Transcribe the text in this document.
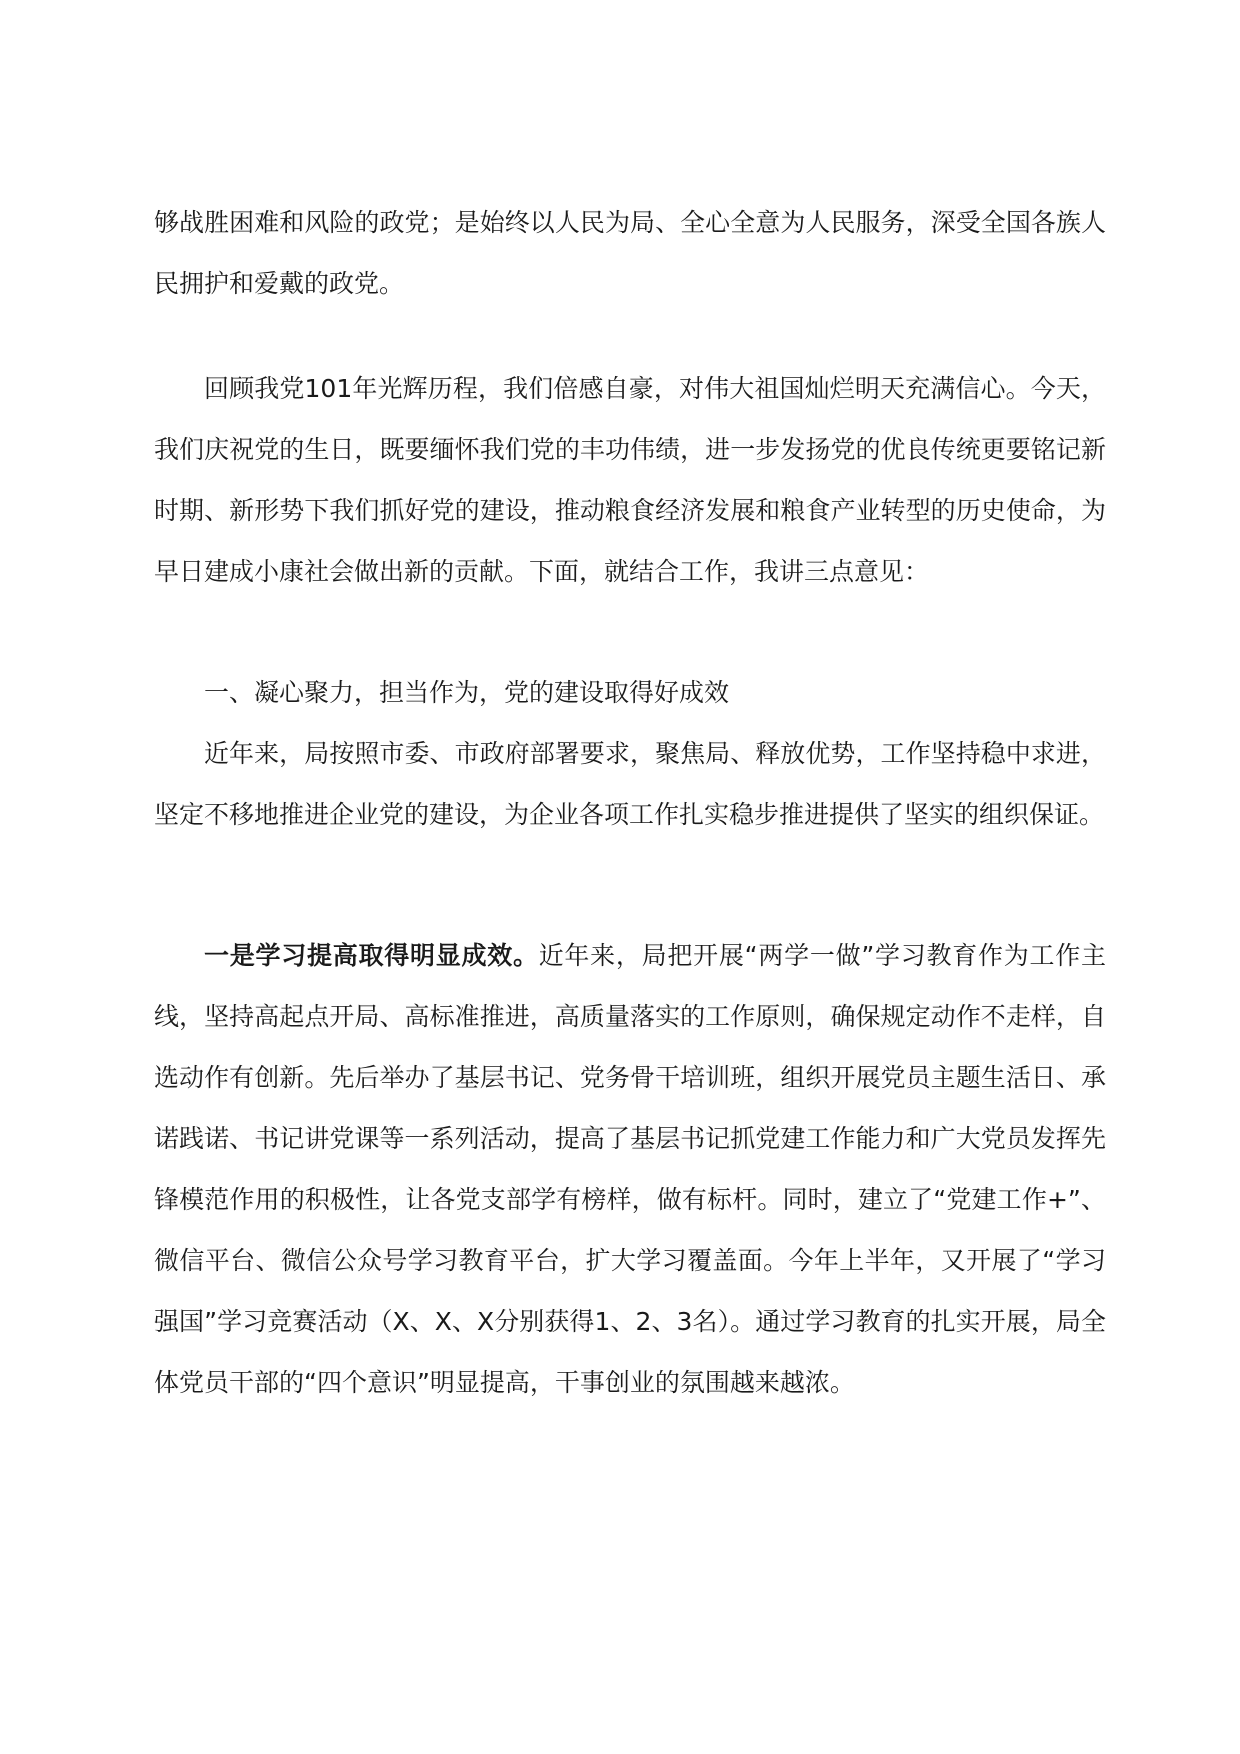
够战胜困难和风险的政党；是始终以人民为局、全心全意为人民服务，深受全国各族人民拥护和爱戴的政党。

回顾我党101年光辉历程，我们倍感自豪，对伟大祖国灿烂明天充满信心。今天，我们庆祝党的生日，既要缅怀我们党的丰功伟绩，进一步发扬党的优良传统更要铭记新时期、新形势下我们抓好党的建设，推动粮食经济发展和粮食产业转型的历史使命，为早日建成小康社会做出新的贡献。下面，就结合工作，我讲三点意见：

一、凝心聚力，担当作为，党的建设取得好成效

近年来，局按照市委、市政府部署要求，聚焦局、释放优势，工作坚持稳中求进，坚定不移地推进企业党的建设，为企业各项工作扎实稳步推进提供了坚实的组织保证。

一是学习提高取得明显成效。近年来，局把开展“两学一做”学习教育作为工作主线，坚持高起点开局、高标准推进，高质量落实的工作原则，确保规定动作不走样，自选动作有创新。先后举办了基层书记、党务骨干培训班，组织开展党员主题生活日、承诺践诺、书记讲党课等一系列活动，提高了基层书记抓党建工作能力和广大党员发挥先锋模范作用的积极性，让各党支部学有榜样，做有标杆。同时，建立了“党建工作+”、微信平台、微信公众号学习教育平台，扩大学习覆盖面。今年上半年，又开展了“学习强国”学习竞赛活动（X、X、X分别获得1、2、3名）。通过学习教育的扎实开展，局全体党员干部的“四个意识”明显提高，干事创业的氛围越来越浓。
